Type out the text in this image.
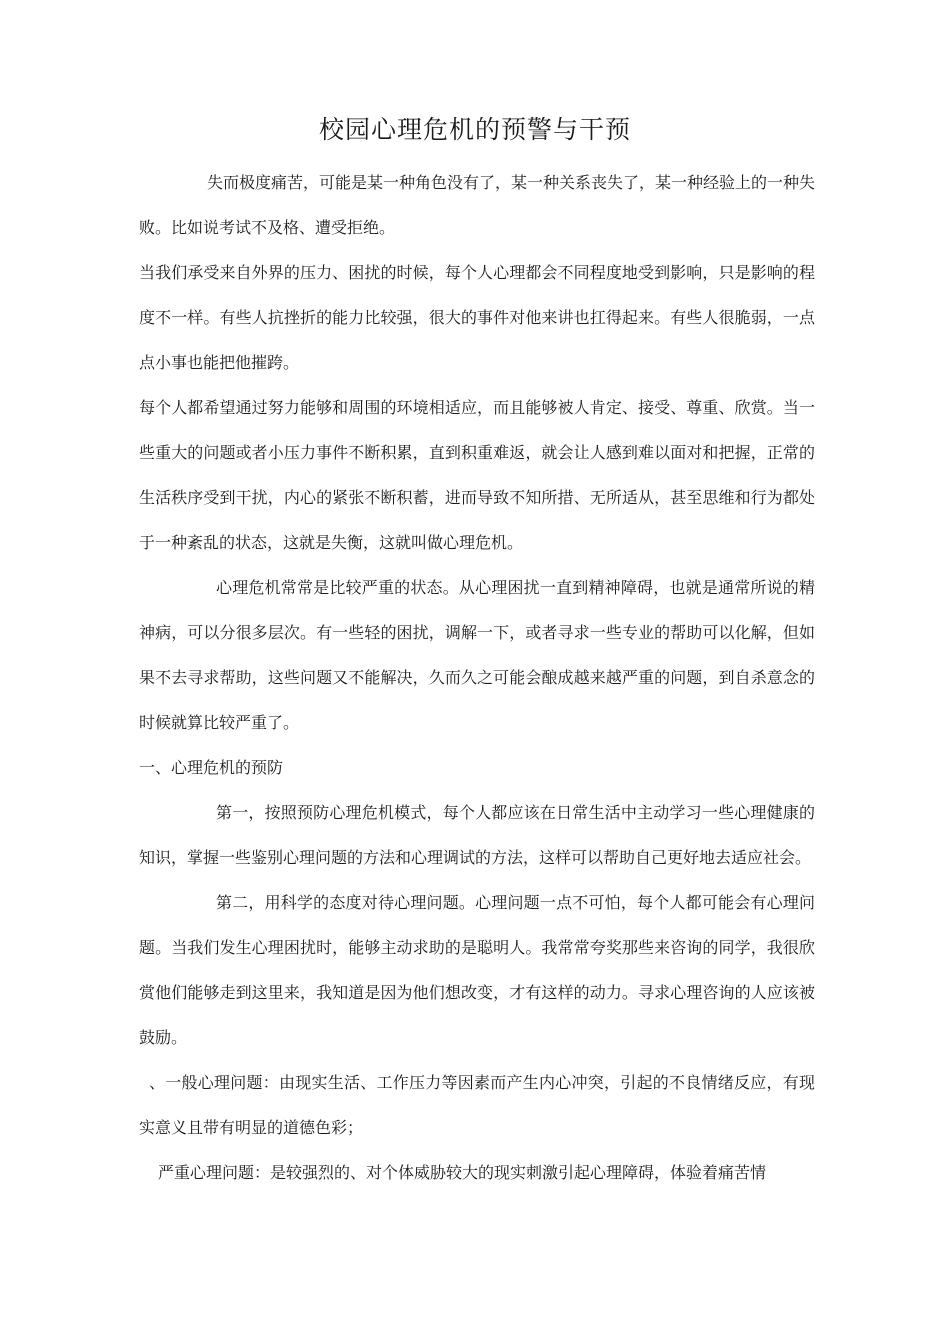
校园心理危机的预警与干预

失而极度痛苦，可能是某一种角色没有了，某一种关系丧失了，某一种经验上的一种失败。比如说考试不及格、遭受拒绝。

当我们承受来自外界的压力、困扰的时候，每个人心理都会不同程度地受到影响，只是影响的程度不一样。有些人抗挫折的能力比较强，很大的事件对他来讲也扛得起来。有些人很脆弱，一点点小事也能把他摧跨。

每个人都希望通过努力能够和周围的环境相适应，而且能够被人肯定、接受、尊重、欣赏。当一些重大的问题或者小压力事件不断积累，直到积重难返，就会让人感到难以面对和把握，正常的生活秩序受到干扰，内心的紧张不断积蓄，进而导致不知所措、无所适从，甚至思维和行为都处于一种紊乱的状态，这就是失衡，这就叫做心理危机。

心理危机常常是比较严重的状态。从心理困扰一直到精神障碍，也就是通常所说的精神病，可以分很多层次。有一些轻的困扰，调解一下，或者寻求一些专业的帮助可以化解，但如果不去寻求帮助，这些问题又不能解决，久而久之可能会酿成越来越严重的问题，到自杀意念的时候就算比较严重了。

一、心理危机的预防

第一，按照预防心理危机模式，每个人都应该在日常生活中主动学习一些心理健康的知识，掌握一些鉴别心理问题的方法和心理调试的方法，这样可以帮助自己更好地去适应社会。

第二，用科学的态度对待心理问题。心理问题一点不可怕，每个人都可能会有心理问题。当我们发生心理困扰时，能够主动求助的是聪明人。我常常夸奖那些来咨询的同学，我很欣赏他们能够走到这里来，我知道是因为他们想改变，才有这样的动力。寻求心理咨询的人应该被鼓励。

、一般心理问题：由现实生活、工作压力等因素而产生内心冲突，引起的不良情绪反应，有现实意义且带有明显的道德色彩；

严重心理问题：是较强烈的、对个体威胁较大的现实刺激引起心理障碍，体验着痛苦情
